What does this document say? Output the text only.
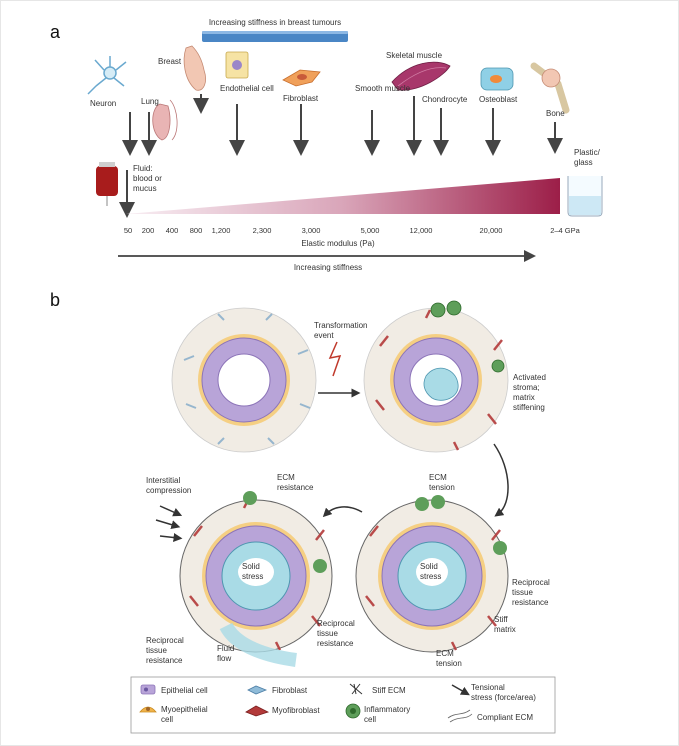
a
b
Increasing stiffness in breast tumours
Neuron	Lung
Breast
Endothelial cell
Fibroblast
Skeletal muscle
Smooth muscle
Chondrocyte Osteoblast
Bone
Fluid: blood or mucus
Plastic/ glass
50 200 400 800 1,200	2,300	3,000	5,000	12,000	20,000	2–4 GPa
Elastic modulus (Pa)
Increasing stiffness
Transformation event
Activated stroma; matrix stiffening
Interstitial compression
ECM resistance
ECM tension
Solid stress
Solid stress
Reciprocal tissue resistance
Stiff matrix
Reciprocal tissue resistance
Reciprocal tissue resistance
Fluid flow
ECM tension
Epithelial cell	Fibroblast	Stiff ECM	Tensional stress (force/area)
Myoepithelial cell
Myofibroblast	Inflammatory cell	Compliant ECM
